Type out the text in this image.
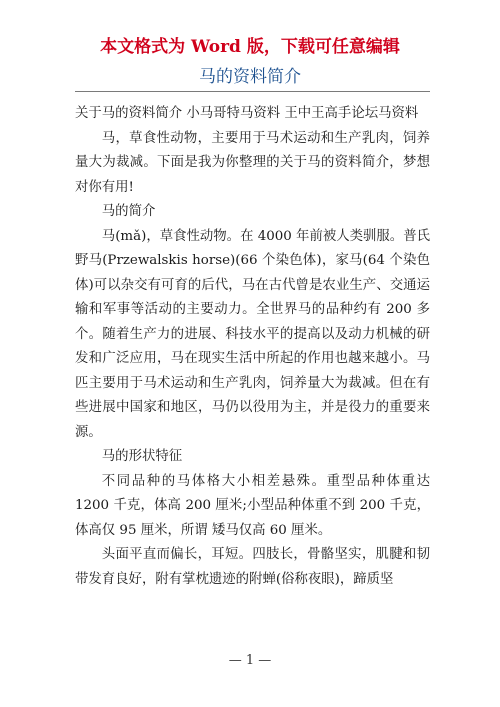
本文格式为 Word 版，下载可任意编辑
马的资料简介

关于马的资料简介 小马哥特马资料 王中王高手论坛马资料

马，草食性动物，主要用于马术运动和生产乳肉，饲养量大为裁减。下面是我为你整理的关于马的资料简介，梦想对你有用!

马的简介

马(mǎ)，草食性动物。在 4000 年前被人类驯服。普氏野马(Przewalskis horse)(66 个染色体)，家马(64 个染色体)可以杂交有可育的后代，马在古代曾是农业生产、交通运输和军事等活动的主要动力。全世界马的品种约有 200 多个。随着生产力的进展、科技水平的提高以及动力机械的研发和广泛应用，马在现实生活中所起的作用也越来越小。马匹主要用于马术运动和生产乳肉，饲养量大为裁减。但在有些进展中国家和地区，马仍以役用为主，并是役力的重要来源。

马的形状特征

不同品种的马体格大小相差悬殊。重型品种体重达 1200 千克，体高 200 厘米;小型品种体重不到 200 千克，体高仅 95 厘米，所谓 矮马仅高 60 厘米。

头面平直而偏长，耳短。四肢长，骨骼坚实，肌腱和韧带发育良好，附有掌枕遗迹的附蝉(俗称夜眼)，蹄质坚

— 1 —
